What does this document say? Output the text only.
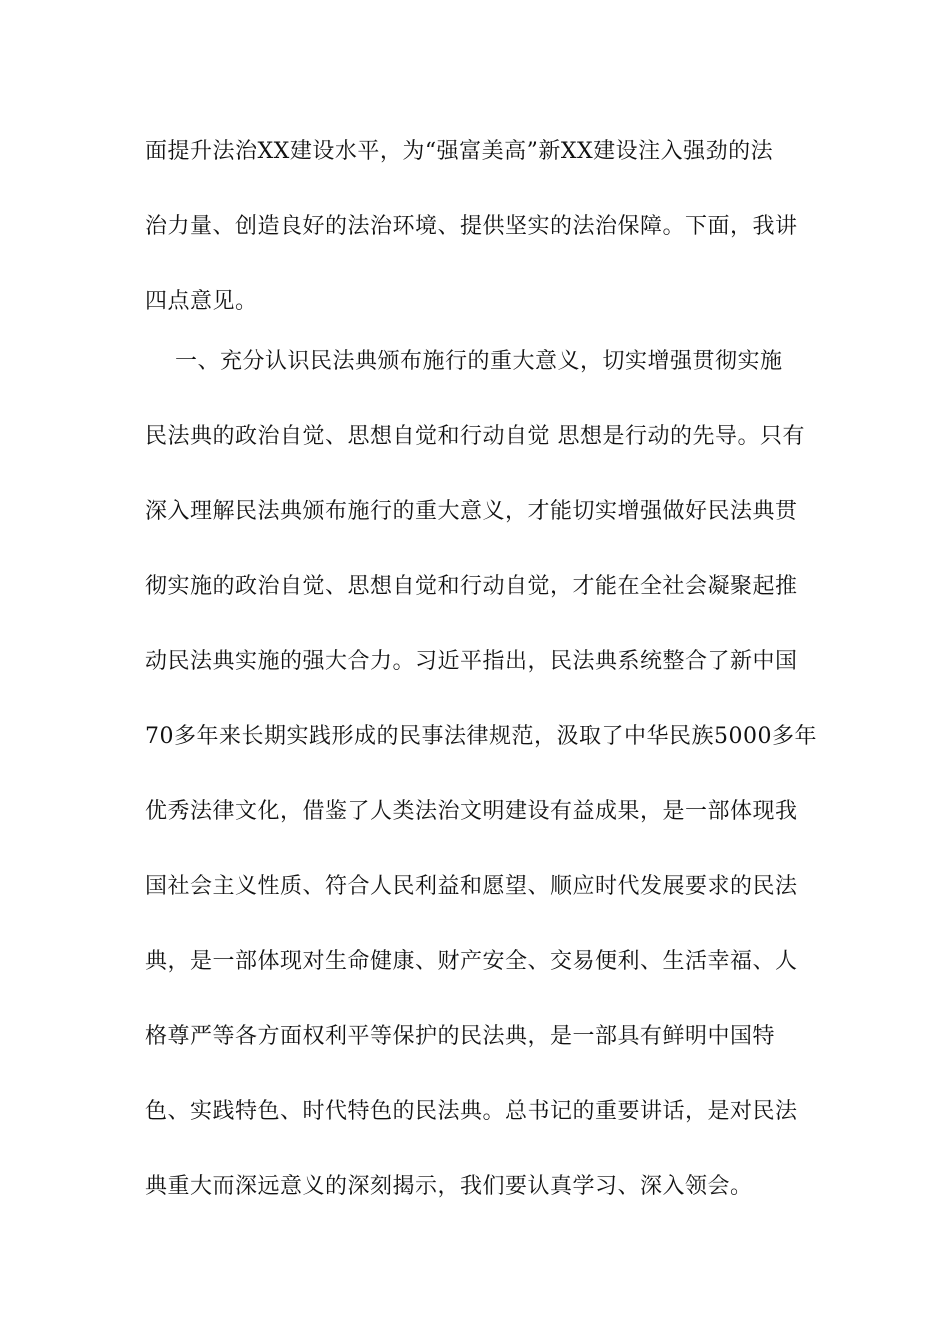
面提升法治XX建设水平，为“强富美高”新XX建设注入强劲的法
治力量、创造良好的法治环境、提供坚实的法治保障。下面，我讲
四点意见。
一、充分认识民法典颁布施行的重大意义，切实增强贯彻实施
民法典的政治自觉、思想自觉和行动自觉 思想是行动的先导。只有
深入理解民法典颁布施行的重大意义，才能切实增强做好民法典贯
彻实施的政治自觉、思想自觉和行动自觉，才能在全社会凝聚起推
动民法典实施的强大合力。习近平指出，民法典系统整合了新中国
70多年来长期实践形成的民事法律规范，汲取了中华民族5000多年
优秀法律文化，借鉴了人类法治文明建设有益成果，是一部体现我
国社会主义性质、符合人民利益和愿望、顺应时代发展要求的民法
典，是一部体现对生命健康、财产安全、交易便利、生活幸福、人
格尊严等各方面权利平等保护的民法典，是一部具有鲜明中国特
色、实践特色、时代特色的民法典。总书记的重要讲话，是对民法
典重大而深远意义的深刻揭示，我们要认真学习、深入领会。
